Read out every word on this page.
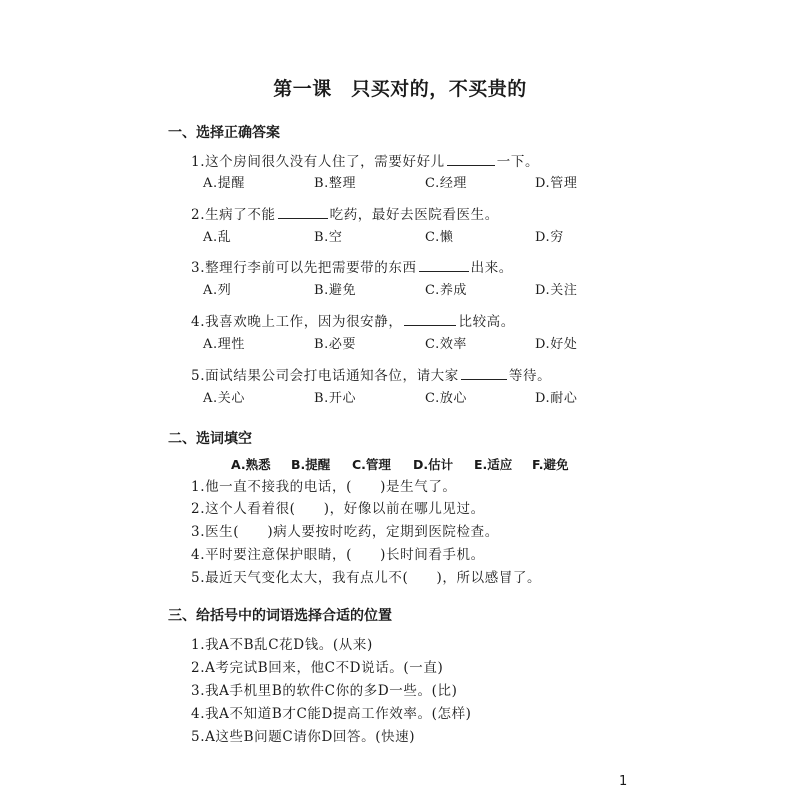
第一课　只买对的，不买贵的
一、选择正确答案
1.这个房间很久没有人住了，需要好好儿	一下。
A.提醒	B.整理	C.经理	D.管理
2.生病了不能	吃药，最好去医院看医生。
A.乱	B.空	C.懒	D.穷
3.整理行李前可以先把需要带的东西	出来。
A.列	B.避免	C.养成	D.关注
4.我喜欢晚上工作，因为很安静，	比较高。
A.理性	B.必要	C.效率	D.好处
5.面试结果公司会打电话通知各位，请大家	等待。
A.关心	B.开心	C.放心	D.耐心
二、选词填空
A.熟悉 B.提醒 C.管理 D.估计 E.适应 F.避免
1.他一直不接我的电话，(　　)是生气了。
2.这个人看着很(　　)，好像以前在哪儿见过。
3.医生(　　)病人要按时吃药，定期到医院检查。
4.平时要注意保护眼睛，(　　)长时间看手机。
5.最近天气变化太大，我有点儿不(　　)，所以感冒了。
三、给括号中的词语选择合适的位置
1.我A不B乱C花D钱。(从来)
2.A考完试B回来，他C不D说话。(一直)
3.我A手机里B的软件C你的多D一些。(比)
4.我A不知道B才C能D提高工作效率。(怎样)
5.A这些B问题C请你D回答。(快速)
1
